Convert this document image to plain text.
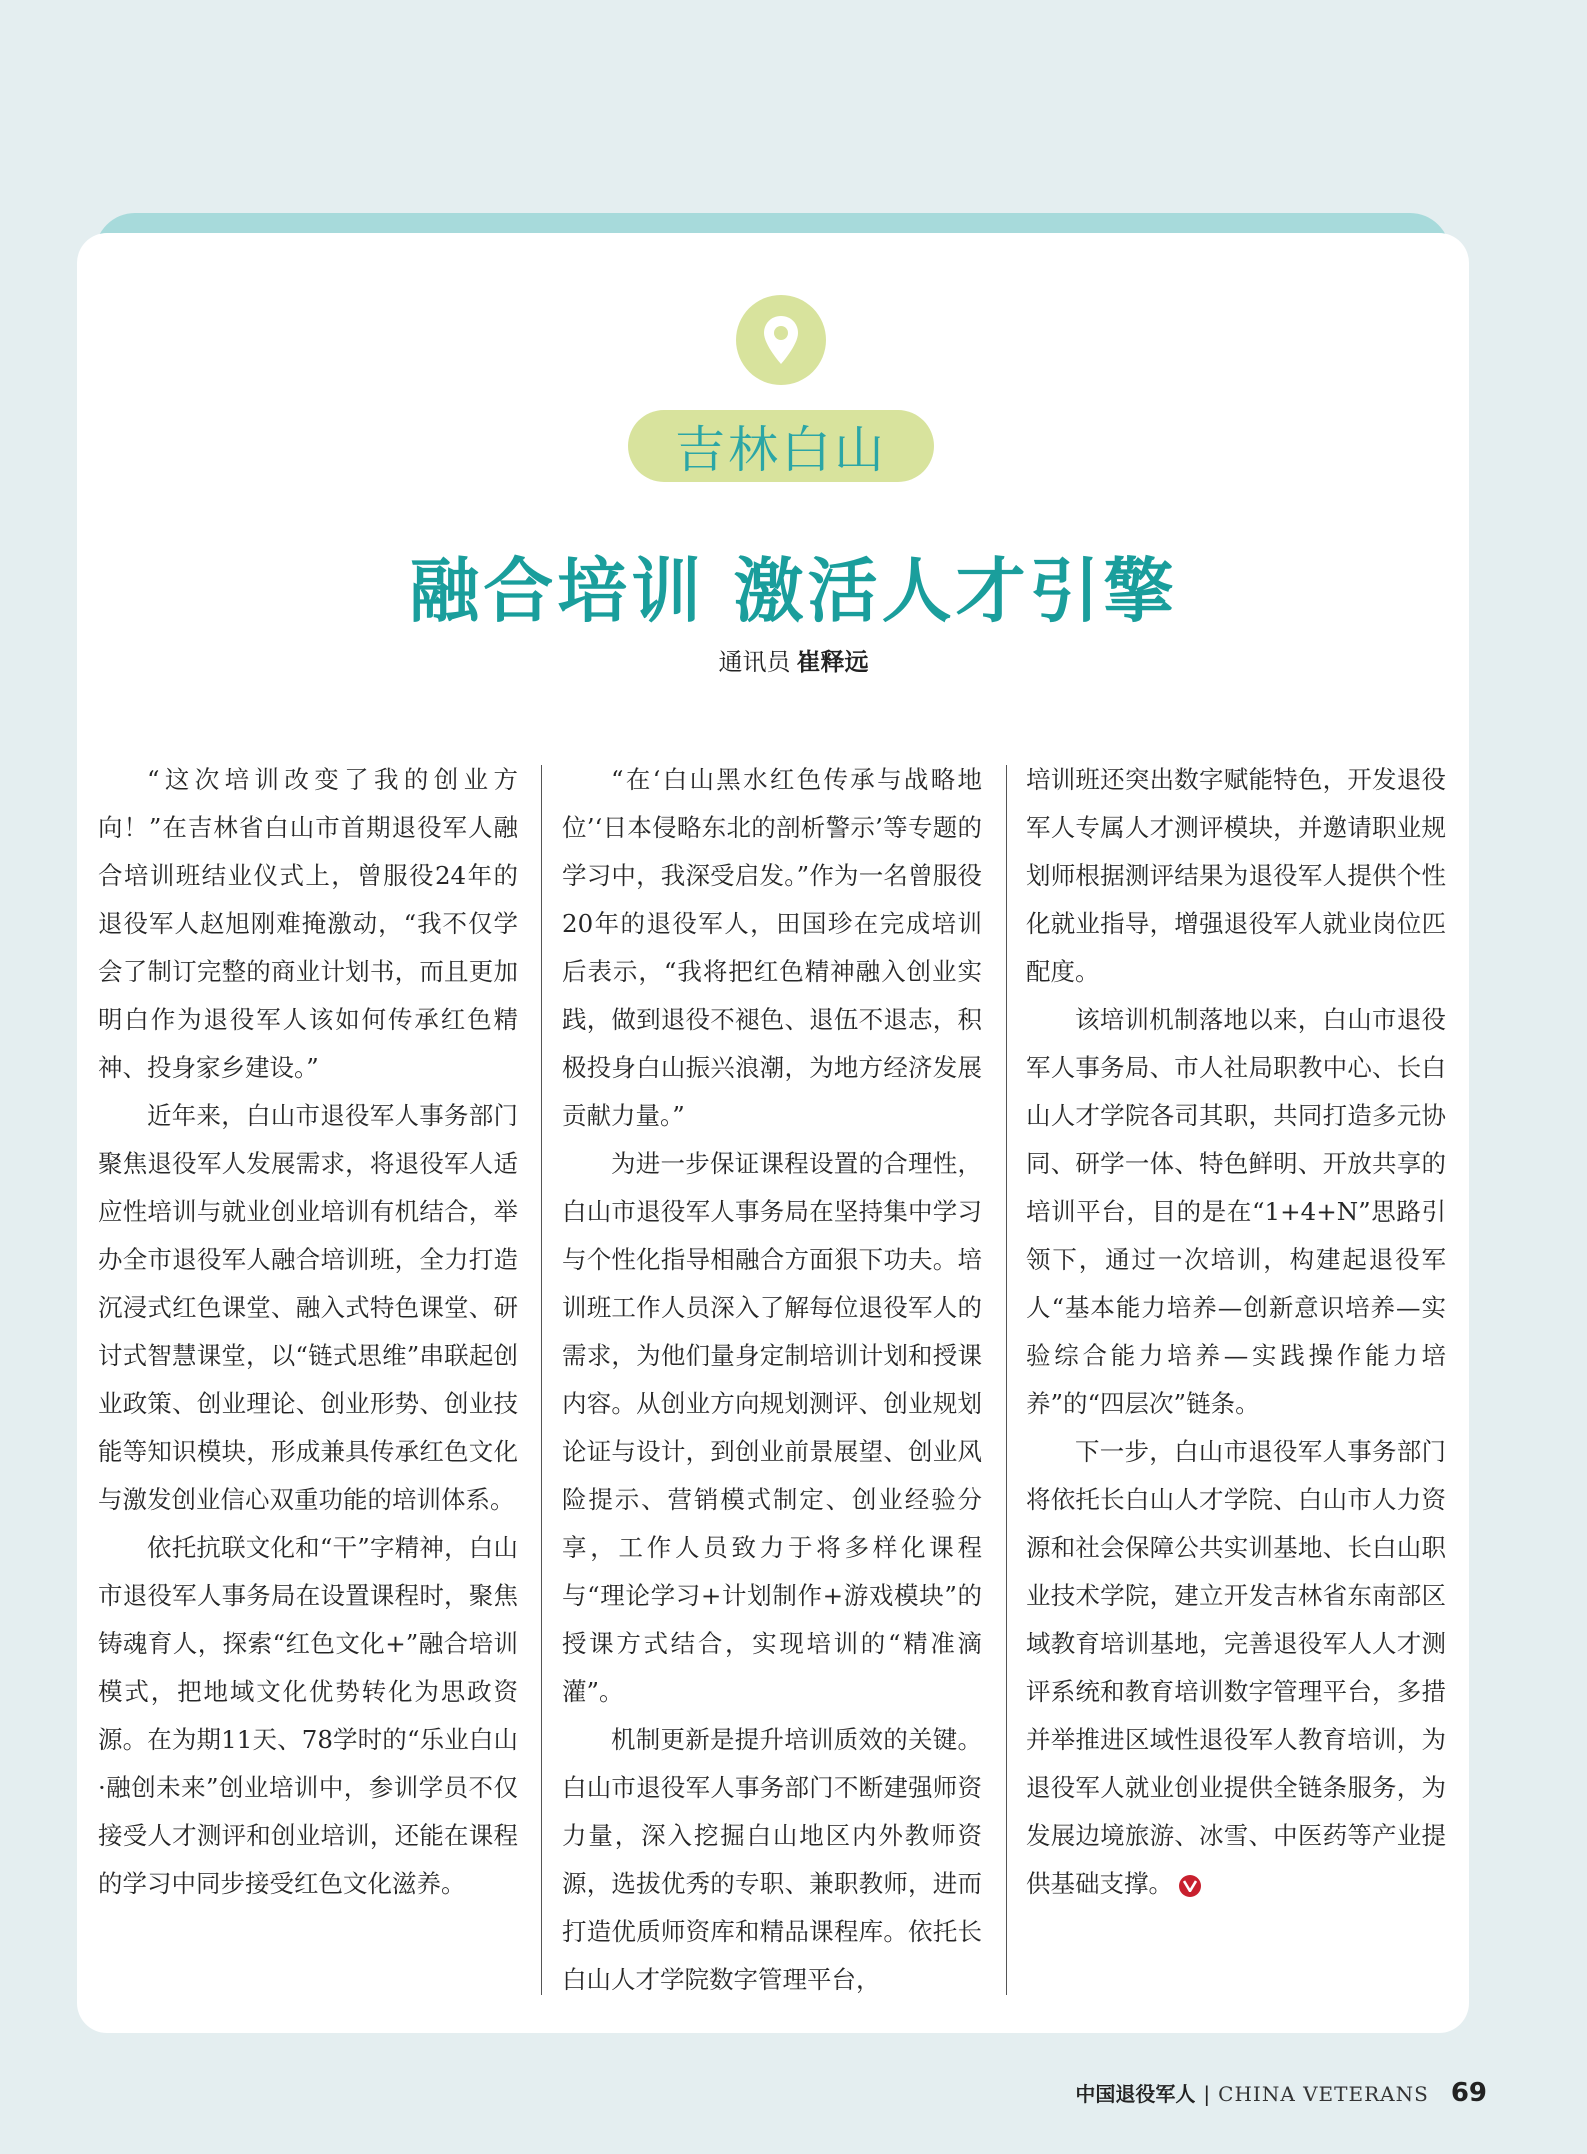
吉林白山
融合培训 激活人才引擎
通讯员 崔释远

“这次培训改变了我的创业方向！”在吉林省白山市首期退役军人融合培训班结业仪式上，曾服役24年的退役军人赵旭刚难掩激动，“我不仅学会了制订完整的商业计划书，而且更加明白作为退役军人该如何传承红色精神、投身家乡建设。”

近年来，白山市退役军人事务部门聚焦退役军人发展需求，将退役军人适应性培训与就业创业培训有机结合，举办全市退役军人融合培训班，全力打造沉浸式红色课堂、融入式特色课堂、研讨式智慧课堂，以“链式思维”串联起创业政策、创业理论、创业形势、创业技能等知识模块，形成兼具传承红色文化与激发创业信心双重功能的培训体系。

依托抗联文化和“干”字精神，白山市退役军人事务局在设置课程时，聚焦铸魂育人，探索“红色文化+”融合培训模式，把地域文化优势转化为思政资源。在为期11天、78学时的“乐业白山·融创未来”创业培训中，参训学员不仅接受人才测评和创业培训，还能在课程的学习中同步接受红色文化滋养。

“在‘白山黑水红色传承与战略地位’‘日本侵略东北的剖析警示’等专题的学习中，我深受启发。”作为一名曾服役20年的退役军人，田国珍在完成培训后表示，“我将把红色精神融入创业实践，做到退役不褪色、退伍不退志，积极投身白山振兴浪潮，为地方经济发展贡献力量。”

为进一步保证课程设置的合理性，白山市退役军人事务局在坚持集中学习与个性化指导相融合方面狠下功夫。培训班工作人员深入了解每位退役军人的需求，为他们量身定制培训计划和授课内容。从创业方向规划测评、创业规划论证与设计，到创业前景展望、创业风险提示、营销模式制定、创业经验分享，工作人员致力于将多样化课程与“理论学习+计划制作+游戏模块”的授课方式结合，实现培训的“精准滴灌”。

机制更新是提升培训质效的关键。白山市退役军人事务部门不断建强师资力量，深入挖掘白山地区内外教师资源，选拔优秀的专职、兼职教师，进而打造优质师资库和精品课程库。依托长白山人才学院数字管理平台，

培训班还突出数字赋能特色，开发退役军人专属人才测评模块，并邀请职业规划师根据测评结果为退役军人提供个性化就业指导，增强退役军人就业岗位匹配度。

该培训机制落地以来，白山市退役军人事务局、市人社局职教中心、长白山人才学院各司其职，共同打造多元协同、研学一体、特色鲜明、开放共享的培训平台，目的是在“1+4+N”思路引领下，通过一次培训，构建起退役军人“基本能力培养—创新意识培养—实验综合能力培养—实践操作能力培养”的“四层次”链条。

下一步，白山市退役军人事务部门将依托长白山人才学院、白山市人力资源和社会保障公共实训基地、长白山职业技术学院，建立开发吉林省东南部区域教育培训基地，完善退役军人人才测评系统和教育培训数字管理平台，多措并举推进区域性退役军人教育培训，为退役军人就业创业提供全链条服务，为发展边境旅游、冰雪、中医药等产业提供基础支撑。

中国退役军人 | CHINA VETERANS 69
